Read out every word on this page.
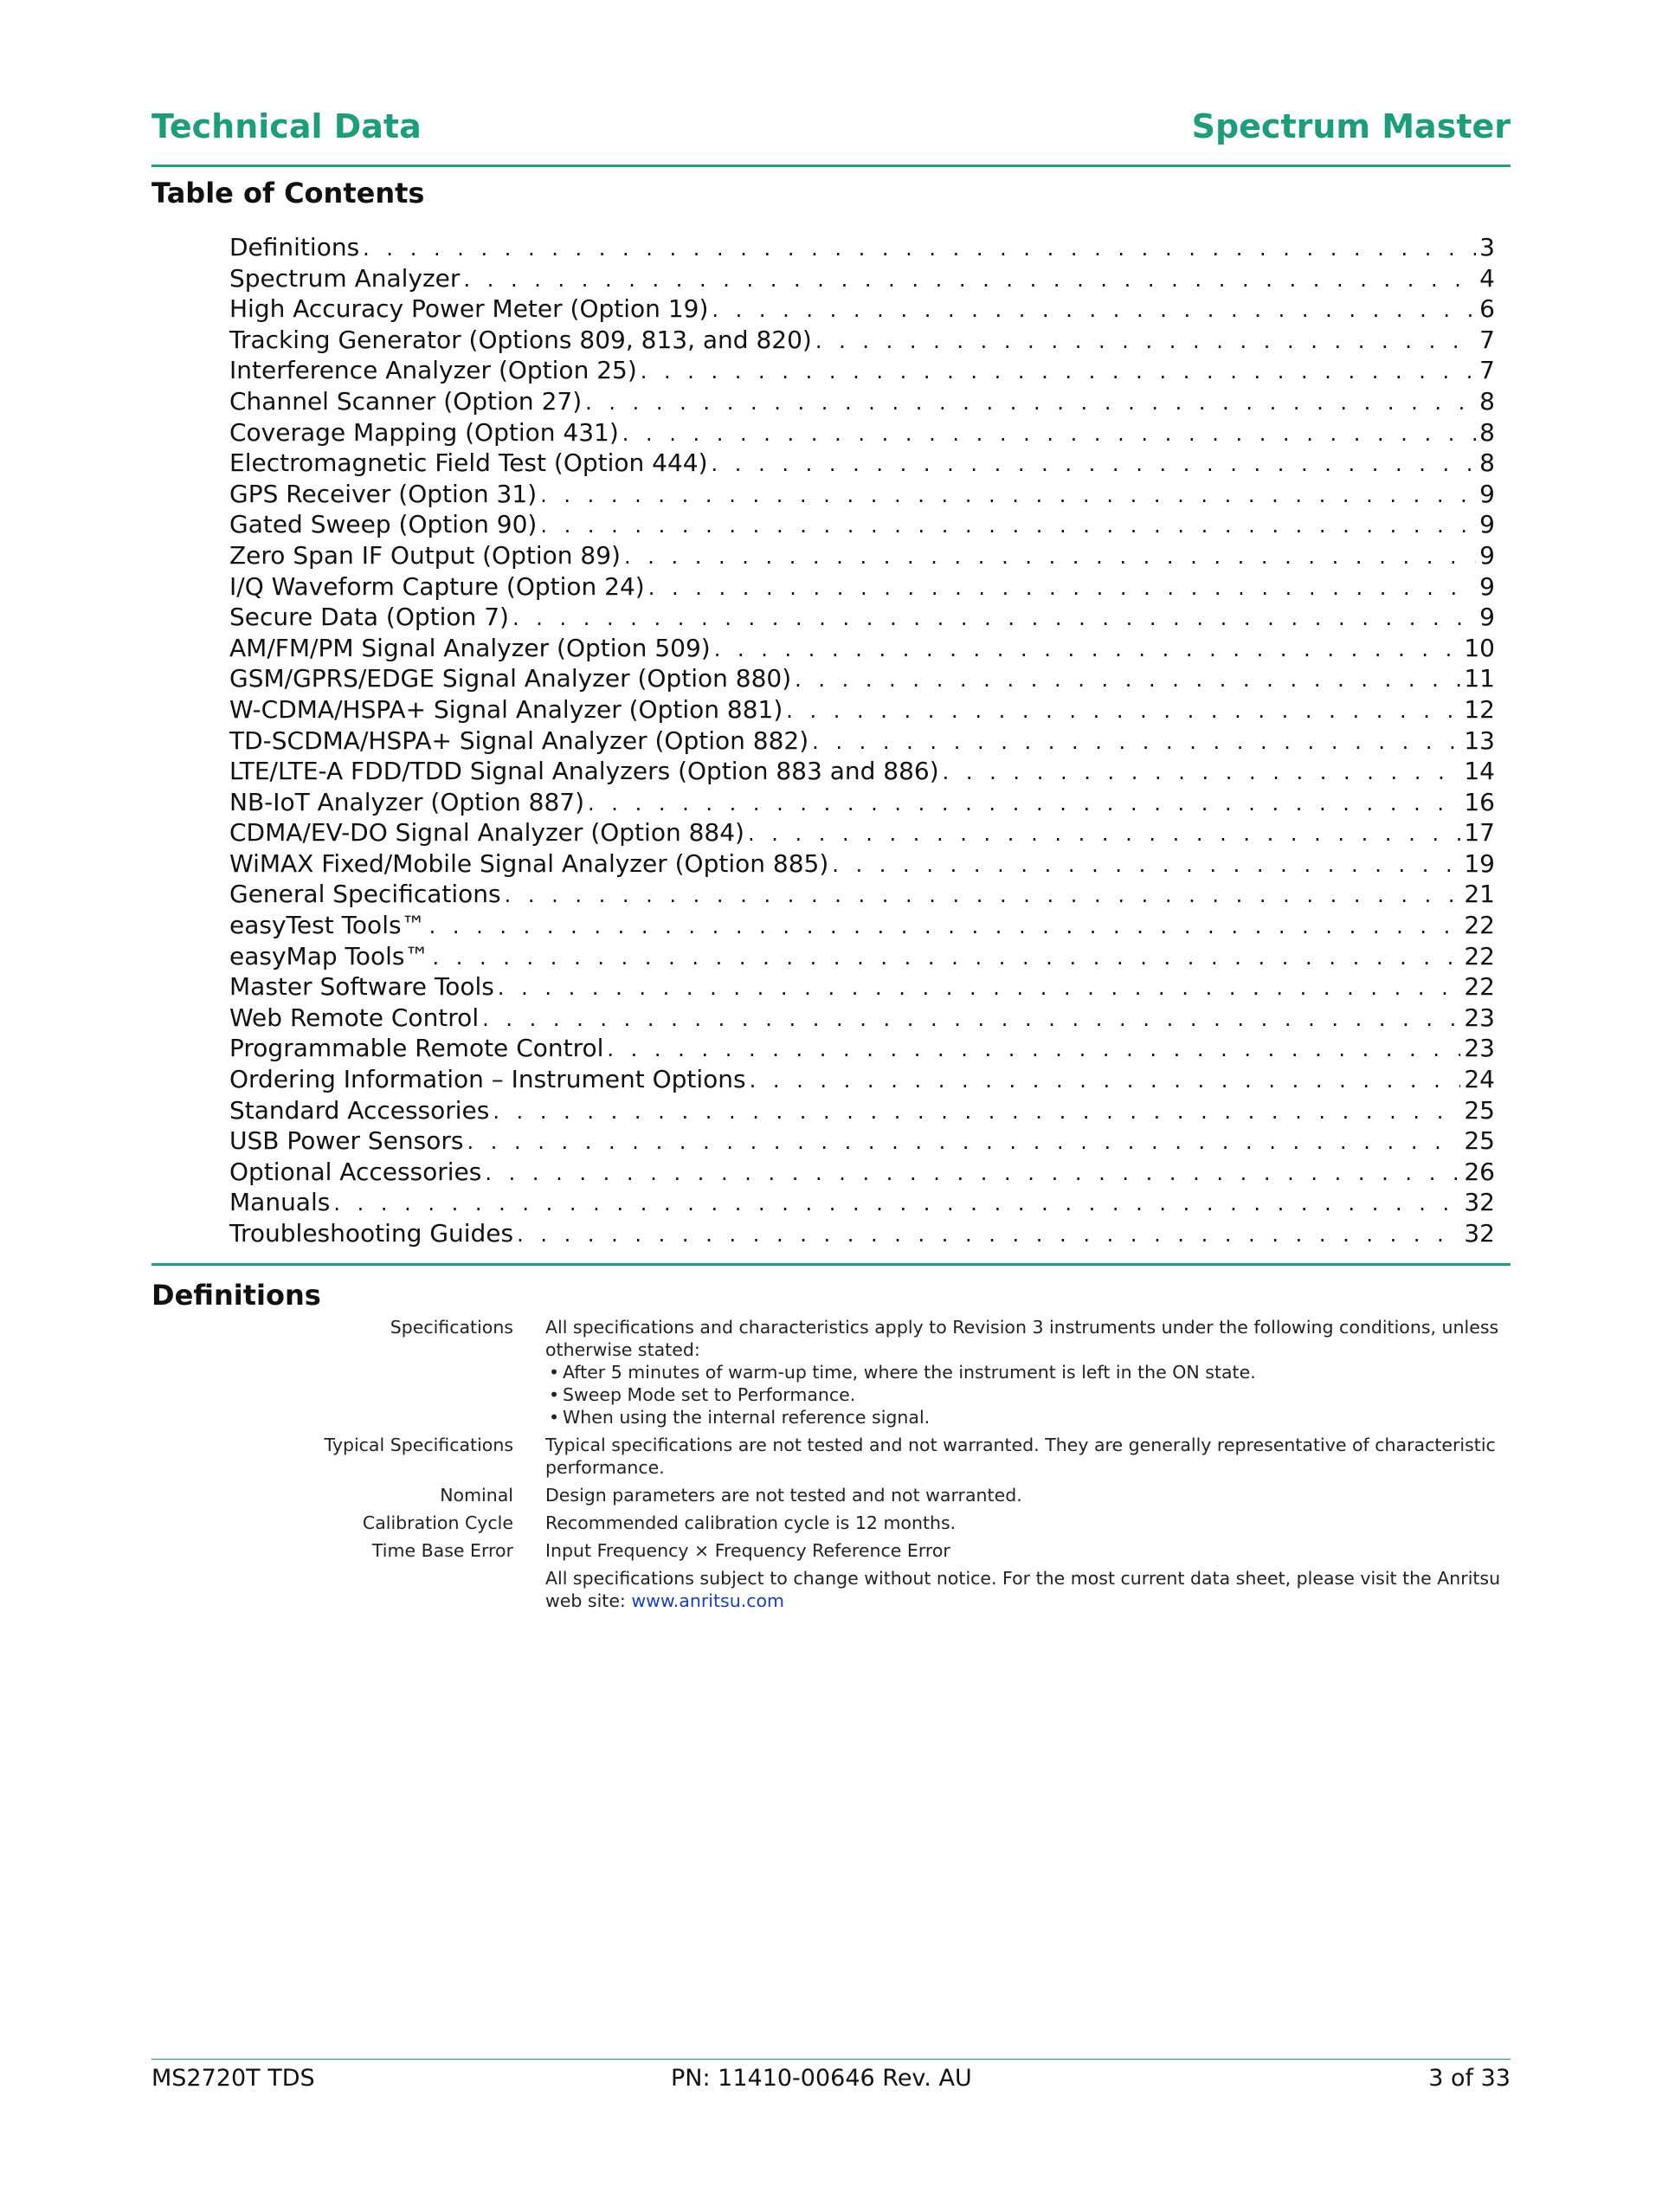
Technical Data	Spectrum Master
Table of Contents
Definitions . . .	3
Spectrum Analyzer . . .	4
High Accuracy Power Meter (Option 19) . . .	6
Tracking Generator (Options 809, 813, and 820) . . .	7
Interference Analyzer (Option 25) . . .	7
Channel Scanner (Option 27) . . .	8
Coverage Mapping (Option 431) . . .	8
Electromagnetic Field Test (Option 444) . . .	8
GPS Receiver (Option 31) . . .	9
Gated Sweep (Option 90) . . .	9
Zero Span IF Output (Option 89) . . .	9
I/Q Waveform Capture (Option 24) . . .	9
Secure Data (Option 7) . . .	9
AM/FM/PM Signal Analyzer (Option 509) . . .	10
GSM/GPRS/EDGE Signal Analyzer (Option 880) . . .	11
W-CDMA/HSPA+ Signal Analyzer (Option 881) . . .	12
TD-SCDMA/HSPA+ Signal Analyzer (Option 882) . . .	13
LTE/LTE-A FDD/TDD Signal Analyzers (Option 883 and 886) . . .	14
NB-IoT Analyzer (Option 887) . . .	16
CDMA/EV-DO Signal Analyzer (Option 884) . . .	17
WiMAX Fixed/Mobile Signal Analyzer (Option 885) . . .	19
General Specifications . . .	21
easyTest Tools™ . . .	22
easyMap Tools™ . . .	22
Master Software Tools . . .	22
Web Remote Control . . .	23
Programmable Remote Control . . .	23
Ordering Information – Instrument Options . . .	24
Standard Accessories . . .	25
USB Power Sensors . . .	25
Optional Accessories . . .	26
Manuals . . .	32
Troubleshooting Guides . . .	32
Definitions
Specifications	All specifications and characteristics apply to Revision 3 instruments under the following conditions, unless otherwise stated:
• After 5 minutes of warm-up time, where the instrument is left in the ON state.
• Sweep Mode set to Performance.
• When using the internal reference signal.
Typical Specifications	Typical specifications are not tested and not warranted. They are generally representative of characteristic performance.
Nominal	Design parameters are not tested and not warranted.
Calibration Cycle	Recommended calibration cycle is 12 months.
Time Base Error	Input Frequency × Frequency Reference Error
All specifications subject to change without notice. For the most current data sheet, please visit the Anritsu web site: www.anritsu.com
MS2720T TDS	PN: 11410-00646 Rev. AU	3 of 33
